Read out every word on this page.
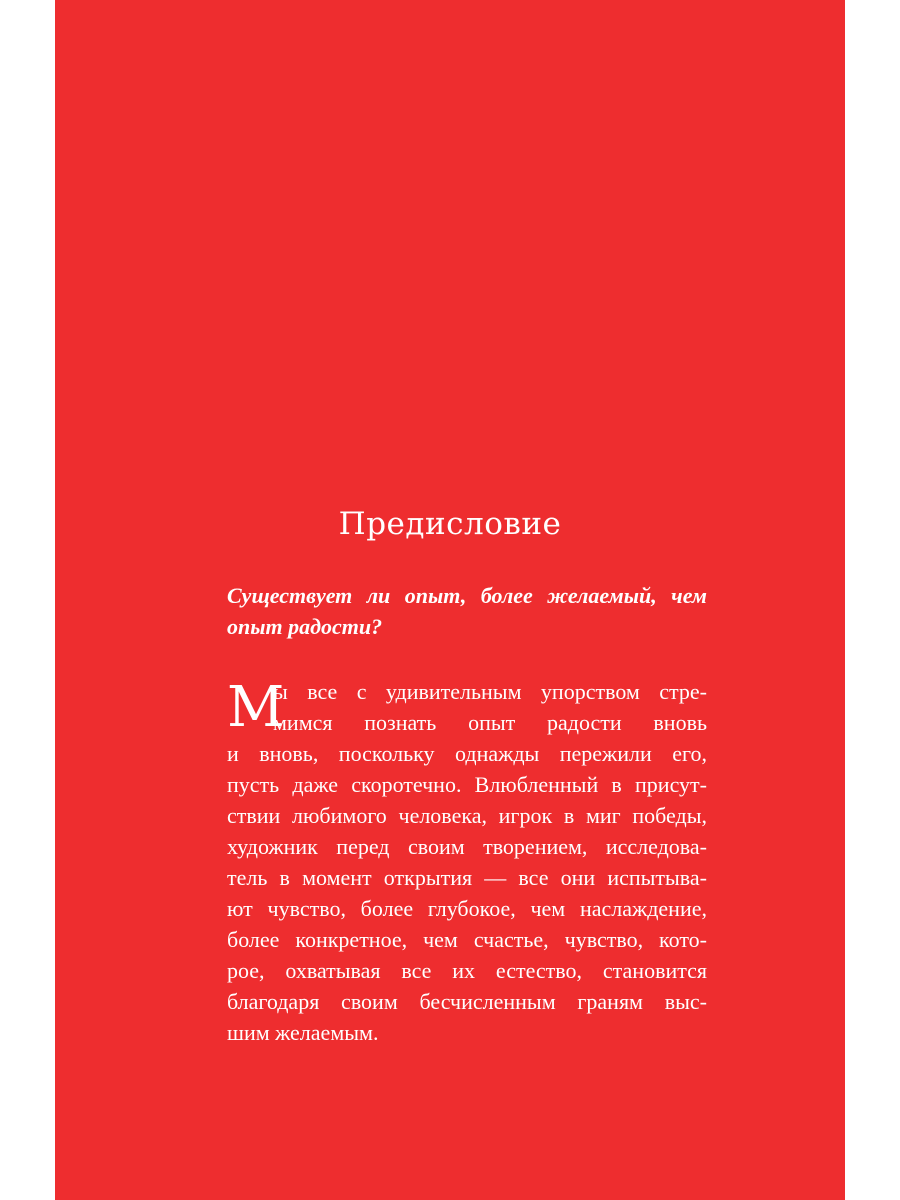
Предисловие

Существует ли опыт, более желаемый, чем
опыт радости?

М
ы все с удивительным упорством стре-
мимся познать опыт радости вновь
и вновь, поскольку однажды пережили его,
пусть даже скоротечно. Влюбленный в присут-
ствии любимого человека, игрок в миг победы,
художник перед своим творением, исследова-
тель в момент открытия — все они испытыва-
ют чувство, более глубокое, чем наслаждение,
более конкретное, чем счастье, чувство, кото-
рое, охватывая все их естество, становится
благодаря своим бесчисленным граням выс-
шим желаемым.
